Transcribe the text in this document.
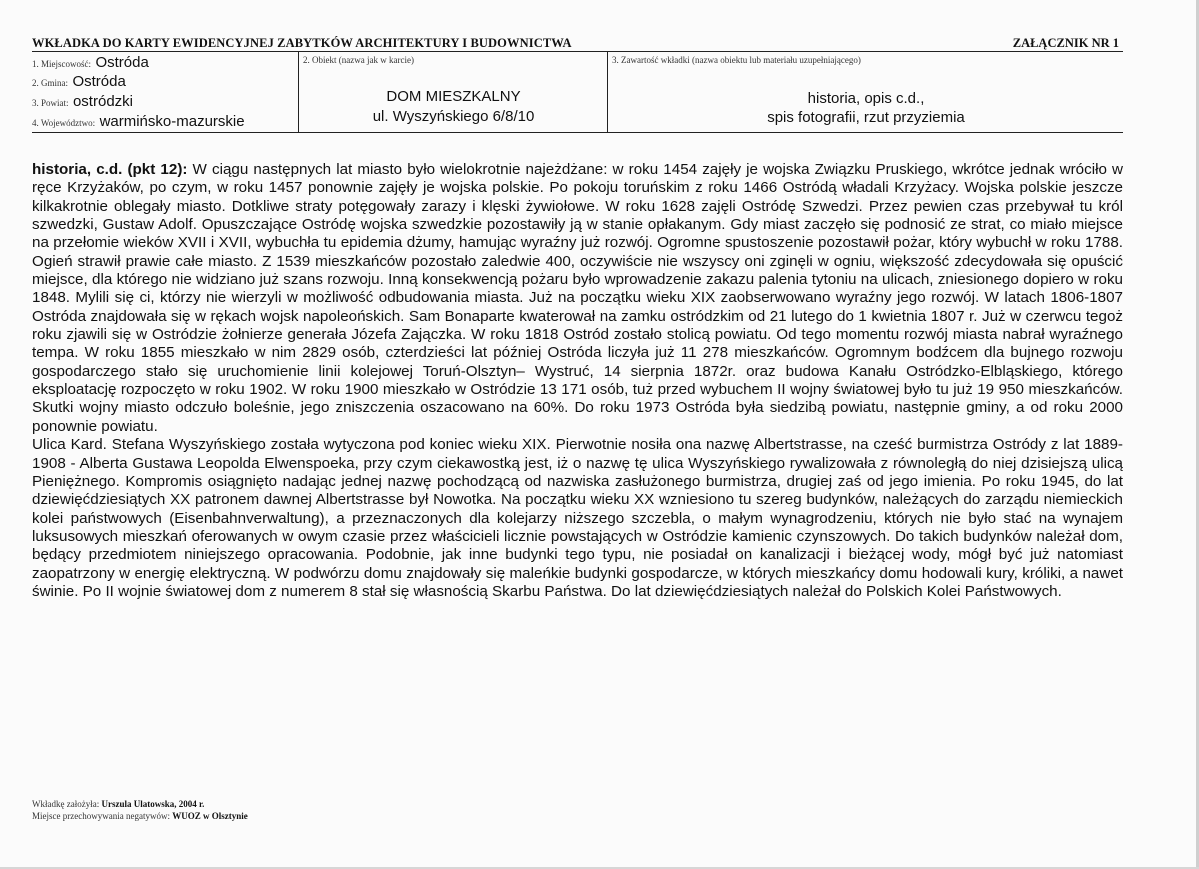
WKŁADKA DO KARTY EWIDENCYJNEJ ZABYTKÓW ARCHITEKTURY I BUDOWNICTWA	ZAŁĄCZNIK NR 1
1. Miejscowość: Ostróda
2. Gmina: Ostróda
3. Powiat: ostródzki
4. Województwo: warmińsko-mazurskie
2. Obiekt (nazwa jak w karcie)
DOM MIESZKALNY
ul. Wyszyńskiego 6/8/10
3. Zawartość wkładki (nazwa obiektu lub materiału uzupełniającego)
historia, opis c.d.,
spis fotografii, rzut przyziemia

historia, c.d. (pkt 12): W ciągu następnych lat miasto było wielokrotnie najeżdżane: w roku 1454 zajęły je wojska Związku Pruskiego, wkrótce jednak wróciło w ręce Krzyżaków, po czym, w roku 1457 ponownie zajęły je wojska polskie. Po pokoju toruńskim z roku 1466 Ostródą władali Krzyżacy. Wojska polskie jeszcze kilkakrotnie oblegały miasto. Dotkliwe straty potęgowały zarazy i klęski żywiołowe. W roku 1628 zajęli Ostródę Szwedzi. Przez pewien czas przebywał tu król szwedzki, Gustaw Adolf. Opuszczające Ostródę wojska szwedzkie pozostawiły ją w stanie opłakanym. Gdy miast zaczęło się podnosić ze strat, co miało miejsce na przełomie wieków XVII i XVII, wybuchła tu epidemia dżumy, hamując wyraźny już rozwój. Ogromne spustoszenie pozostawił pożar, który wybuchł w roku 1788. Ogień strawił prawie całe miasto. Z 1539 mieszkańców pozostało zaledwie 400, oczywiście nie wszyscy oni zginęli w ogniu, większość zdecydowała się opuścić miejsce, dla którego nie widziano już szans rozwoju. Inną konsekwencją pożaru było wprowadzenie zakazu palenia tytoniu na ulicach, zniesionego dopiero w roku 1848. Mylili się ci, którzy nie wierzyli w możliwość odbudowania miasta. Już na początku wieku XIX zaobserwowano wyraźny jego rozwój. W latach 1806-1807 Ostróda znajdowała się w rękach wojsk napoleońskich. Sam Bonaparte kwaterował na zamku ostródzkim od 21 lutego do 1 kwietnia 1807 r. Już w czerwcu tegoż roku zjawili się w Ostródzie żołnierze generała Józefa Zajączka. W roku 1818 Ostród zostało stolicą powiatu. Od tego momentu rozwój miasta nabrał wyraźnego tempa. W roku 1855 mieszkało w nim 2829 osób, czterdzieści lat później Ostróda liczyła już 11 278 mieszkańców. Ogromnym bodźcem dla bujnego rozwoju gospodarczego stało się uruchomienie linii kolejowej Toruń-Olsztyn– Wystruć, 14 sierpnia 1872r. oraz budowa Kanału Ostródzko-Elbląskiego, którego eksploatację rozpoczęto w roku 1902. W roku 1900 mieszkało w Ostródzie 13 171 osób, tuż przed wybuchem II wojny światowej było tu już 19 950 mieszkańców. Skutki wojny miasto odczuło boleśnie, jego zniszczenia oszacowano na 60%. Do roku 1973 Ostróda była siedzibą powiatu, następnie gminy, a od roku 2000 ponownie powiatu.

Ulica Kard. Stefana Wyszyńskiego została wytyczona pod koniec wieku XIX. Pierwotnie nosiła ona nazwę Albertstrasse, na cześć burmistrza Ostródy z lat 1889-1908 - Alberta Gustawa Leopolda Elwenspoeka, przy czym ciekawostką jest, iż o nazwę tę ulica Wyszyńskiego rywalizowała z równoległą do niej dzisiejszą ulicą Pieniężnego. Kompromis osiągnięto nadając jednej nazwę pochodzącą od nazwiska zasłużonego burmistrza, drugiej zaś od jego imienia. Po roku 1945, do lat dziewięćdziesiątych XX patronem dawnej Albertstrasse był Nowotka. Na początku wieku XX wzniesiono tu szereg budynków, należących do zarządu niemieckich kolei państwowych (Eisenbahnverwaltung), a przeznaczonych dla kolejarzy niższego szczebla, o małym wynagrodzeniu, których nie było stać na wynajem luksusowych mieszkań oferowanych w owym czasie przez właścicieli licznie powstających w Ostródzie kamienic czynszowych. Do takich budynków należał dom, będący przedmiotem niniejszego opracowania. Podobnie, jak inne budynki tego typu, nie posiadał on kanalizacji i bieżącej wody, mógł być już natomiast zaopatrzony w energię elektryczną. W podwórzu domu znajdowały się maleńkie budynki gospodarcze, w których mieszkańcy domu hodowali kury, króliki, a nawet świnie. Po II wojnie światowej dom z numerem 8 stał się własnością Skarbu Państwa. Do lat dziewięćdziesiątych należał do Polskich Kolei Państwowych.

Wkładkę założyła: Urszula Ulatowska, 2004 r.
Miejsce przechowywania negatywów: WUOZ w Olsztynie
